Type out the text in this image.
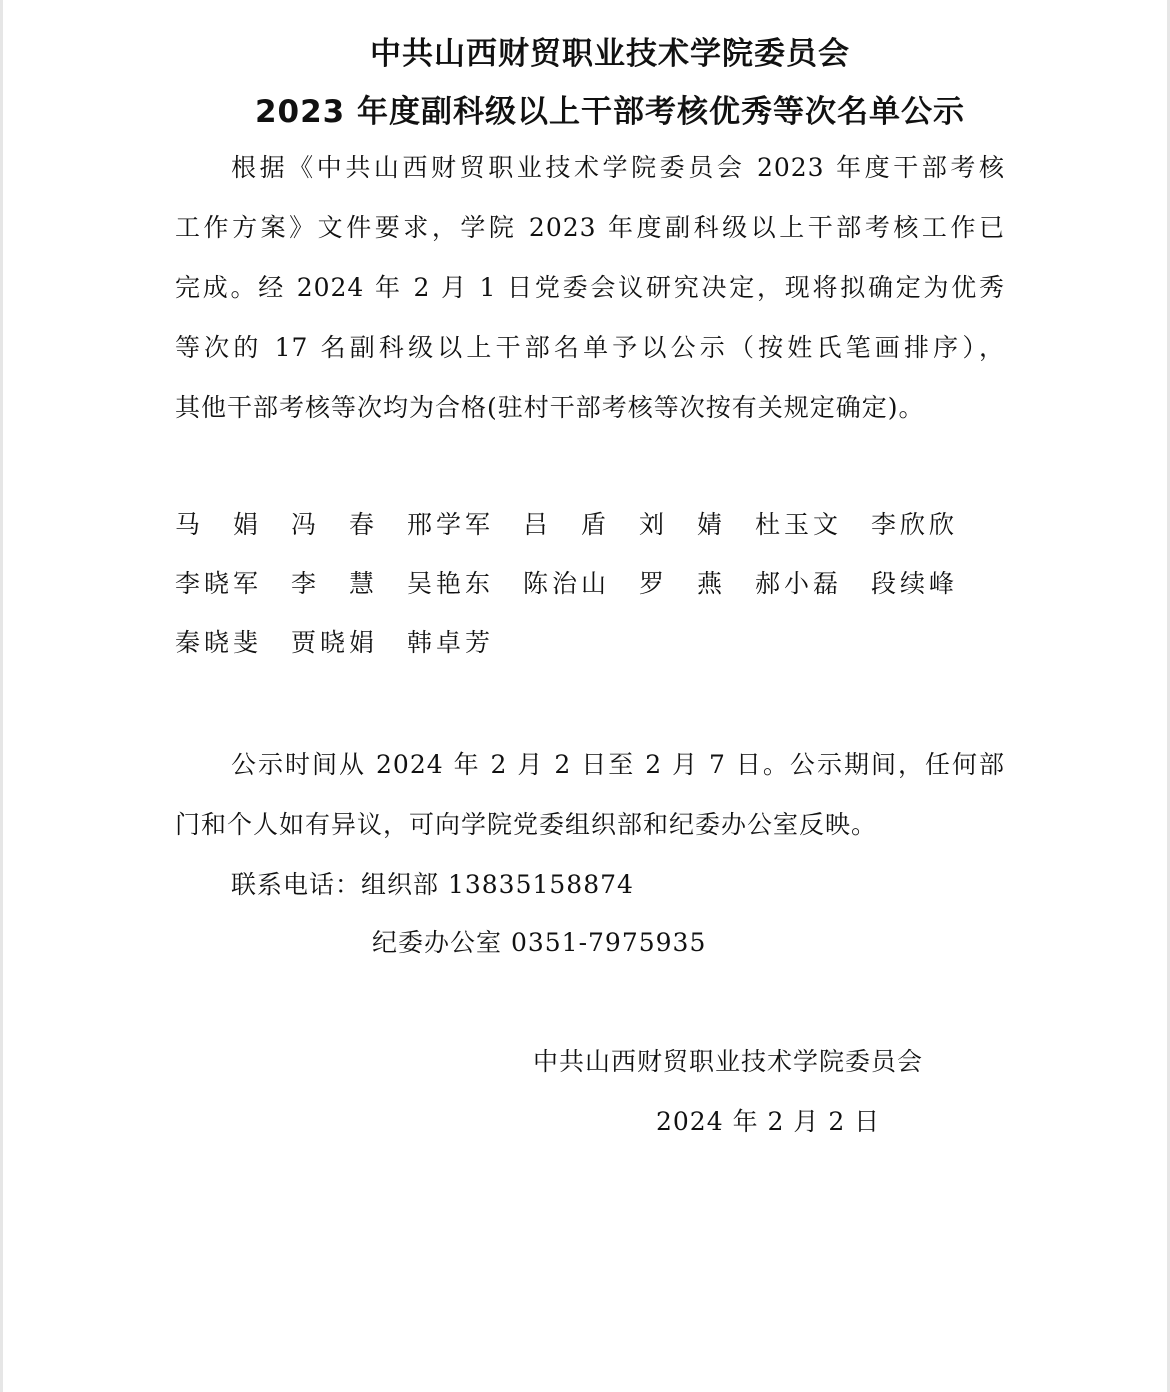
中共山西财贸职业技术学院委员会
2023 年度副科级以上干部考核优秀等次名单公示
根据《中共山西财贸职业技术学院委员会 2023 年度干部考核
工作方案》文件要求，学院 2023 年度副科级以上干部考核工作已
完成。经 2024 年 2 月 1 日党委会议研究决定，现将拟确定为优秀
等次的 17 名副科级以上干部名单予以公示（按姓氏笔画排序），
其他干部考核等次均为合格(驻村干部考核等次按有关规定确定)。
马娟 冯春 邢学军 吕盾 刘婧 杜玉文 李欣欣
李晓军 李慧 吴艳东 陈治山 罗燕 郝小磊 段续峰
秦晓斐 贾晓娟 韩卓芳
公示时间从 2024 年 2 月 2 日至 2 月 7 日。公示期间，任何部
门和个人如有异议，可向学院党委组织部和纪委办公室反映。
联系电话：组织部 13835158874
纪委办公室 0351-7975935
中共山西财贸职业技术学院委员会
2024 年 2 月 2 日
